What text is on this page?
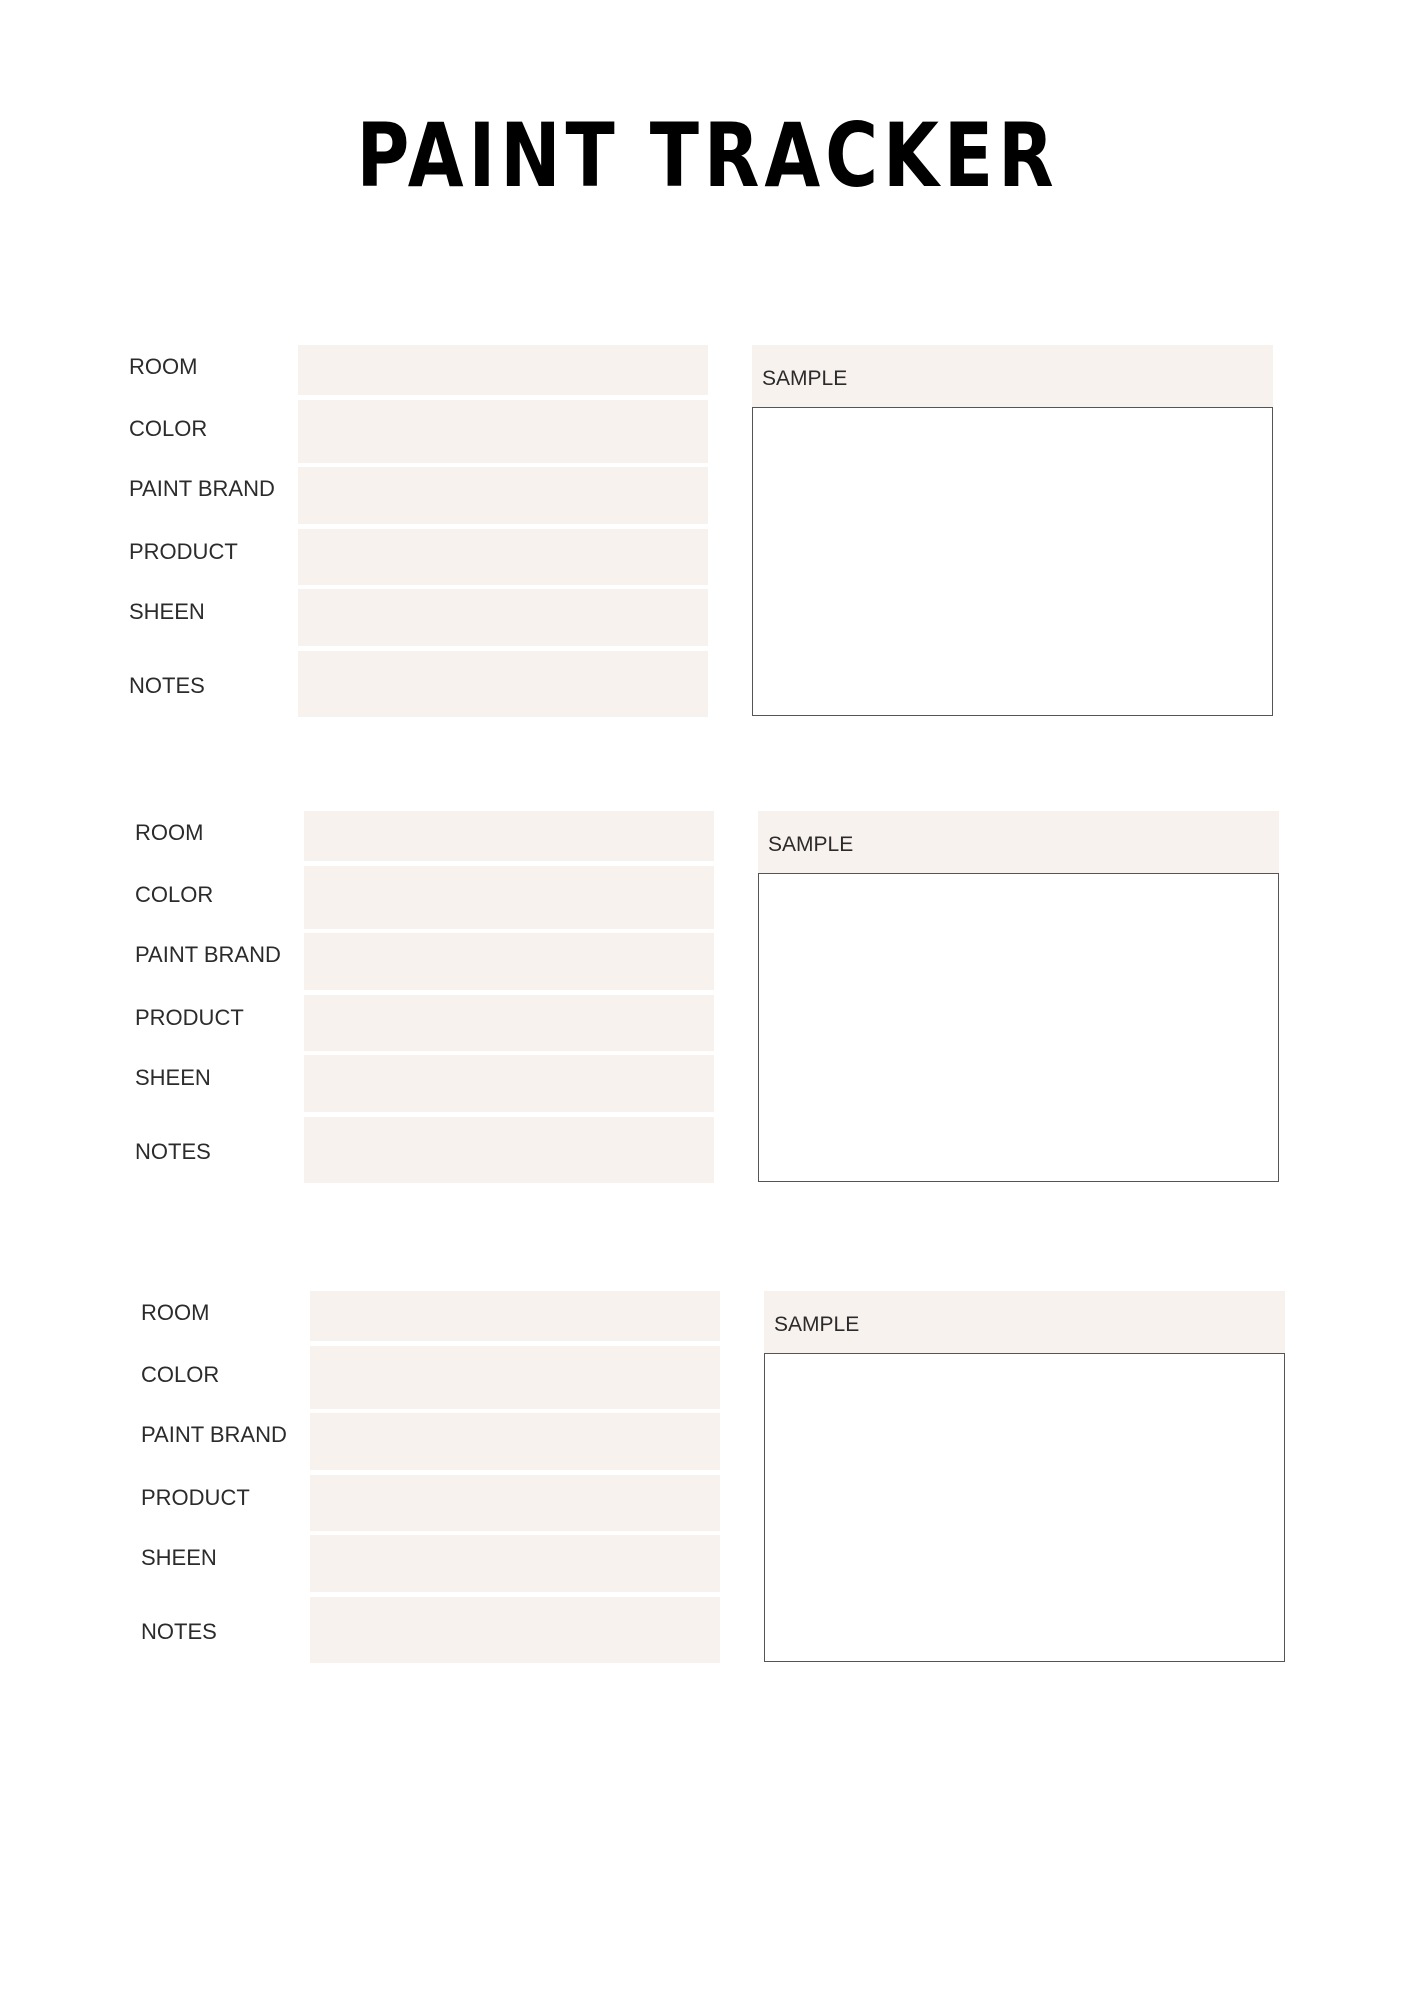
PAINT TRACKER
ROOM
COLOR
PAINT BRAND
PRODUCT
SHEEN
NOTES
SAMPLE
ROOM
COLOR
PAINT BRAND
PRODUCT
SHEEN
NOTES
SAMPLE
ROOM
COLOR
PAINT BRAND
PRODUCT
SHEEN
NOTES
SAMPLE
